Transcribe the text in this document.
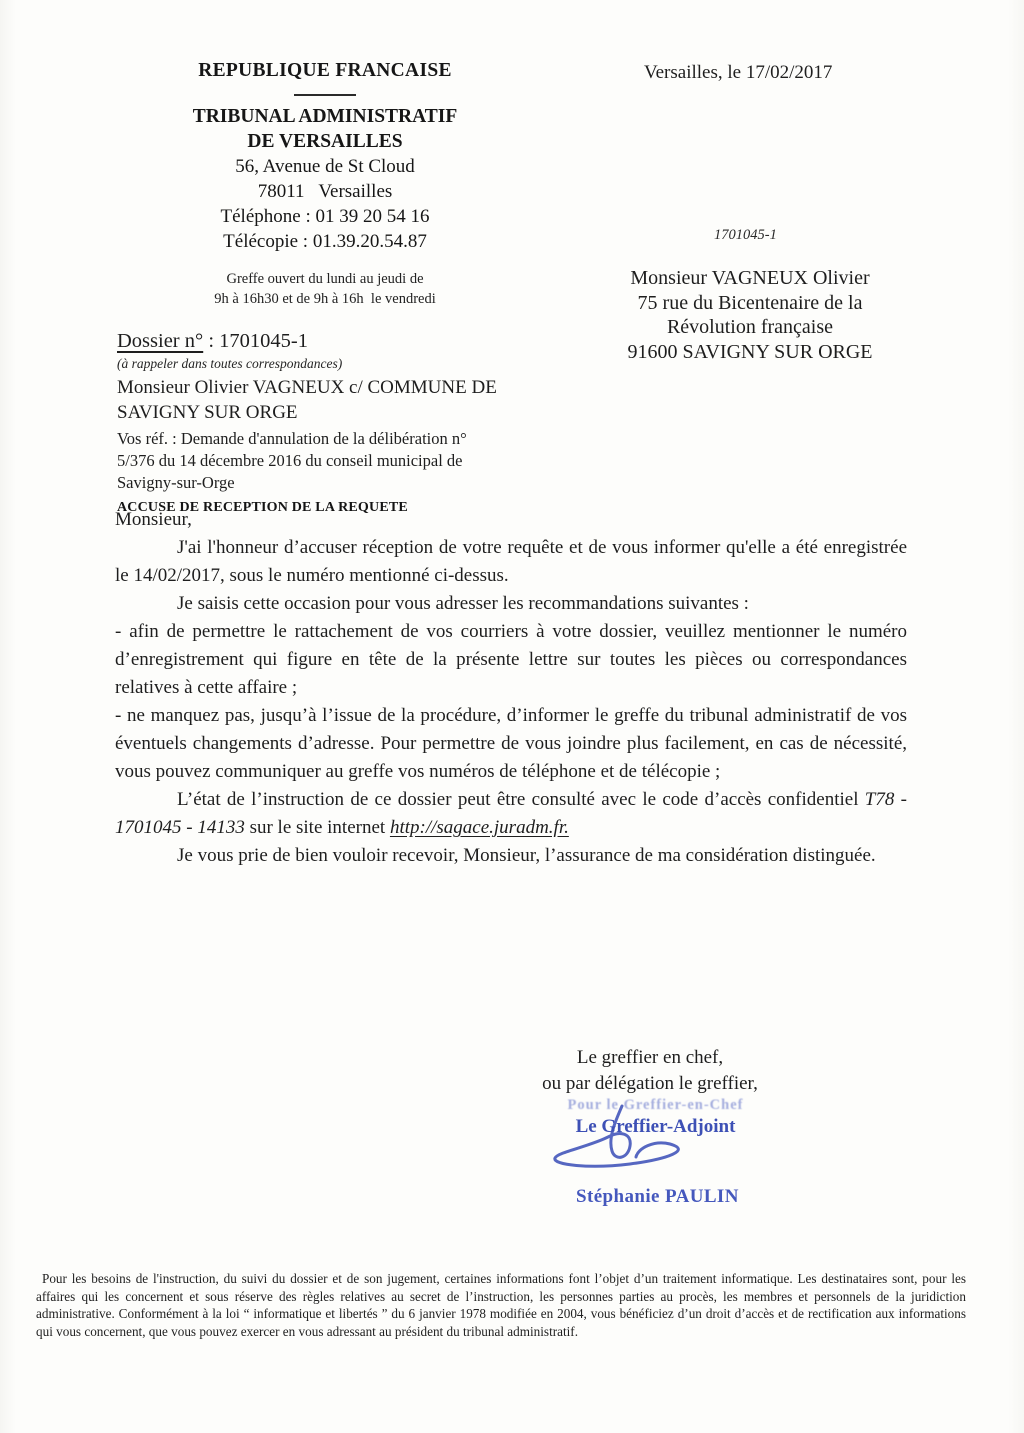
REPUBLIQUE FRANCAISE
TRIBUNAL ADMINISTRATIF
DE VERSAILLES
56, Avenue de St Cloud
78011   Versailles
Téléphone : 01 39 20 54 16
Télécopie : 01.39.20.54.87
Greffe ouvert du lundi au jeudi de
9h à 16h30 et de 9h à 16h  le vendredi
Versailles, le 17/02/2017
1701045-1
Monsieur VAGNEUX Olivier
75 rue du Bicentenaire de la
Révolution française
91600 SAVIGNY SUR ORGE
Dossier n° : 1701045-1
(à rappeler dans toutes correspondances)
Monsieur Olivier VAGNEUX c/ COMMUNE DE
SAVIGNY SUR ORGE
Vos réf. : Demande d'annulation de la délibération n°
5/376 du 14 décembre 2016 du conseil municipal de
Savigny-sur-Orge
ACCUSE DE RECEPTION DE LA REQUETE

Monsieur,

J'ai l'honneur d’accuser réception de votre requête et de vous informer qu'elle a été enregistrée le 14/02/2017, sous le numéro mentionné ci-dessus.

Je saisis cette occasion pour vous adresser les recommandations suivantes :

- afin de permettre le rattachement de vos courriers à votre dossier, veuillez mentionner le numéro d’enregistrement qui figure en tête de la présente lettre sur toutes les pièces ou correspondances relatives à cette affaire ;

- ne manquez pas, jusqu’à l’issue de la procédure, d’informer le greffe du tribunal administratif de vos éventuels changements d’adresse. Pour permettre de vous joindre plus facilement, en cas de nécessité, vous pouvez communiquer au greffe vos numéros de téléphone et de télécopie ;

L’état de l’instruction de ce dossier peut être consulté avec le code d’accès confidentiel T78 - 1701045 - 14133 sur le site internet http://sagace.juradm.fr.

Je vous prie de bien vouloir recevoir, Monsieur, l’assurance de ma considération distinguée.

Le greffier en chef,
ou par délégation le greffier,
Pour le Greffier-en-Chef
Le Greffier-Adjoint
Stéphanie PAULIN
Pour les besoins de l'instruction, du suivi du dossier et de son jugement, certaines informations font l’objet d’un traitement informatique. Les destinataires sont, pour les affaires qui les concernent et sous réserve des règles relatives au secret de l’instruction, les personnes parties au procès, les membres et personnels de la juridiction administrative. Conformément à la loi “ informatique et libertés ” du 6 janvier 1978 modifiée en 2004, vous bénéficiez d’un droit d’accès et de rectification aux informations qui vous concernent, que vous pouvez exercer en vous adressant au président du tribunal administratif.
